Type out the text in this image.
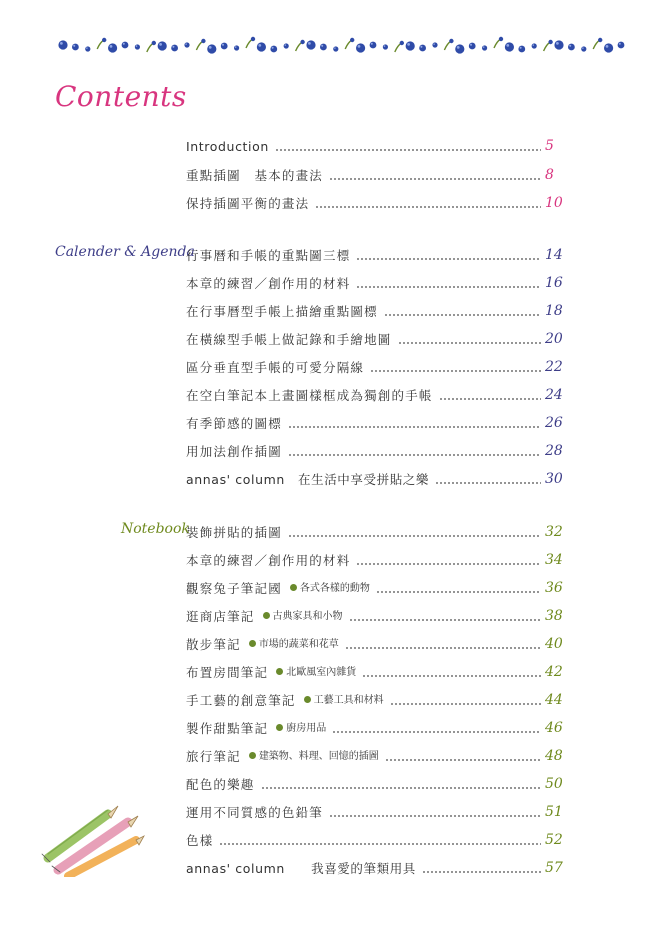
Contents
Introduction	5
重點插圖　基本的畫法	8
保持插圖平衡的畫法	10
Calender & Agenda
行事曆和手帳的重點圖三標	14
本章的練習／創作用的材料	16
在行事曆型手帳上描繪重點圖標	18
在橫線型手帳上做記錄和手繪地圖	20
區分垂直型手帳的可愛分隔線	22
在空白筆記本上畫圖樣框成為獨創的手帳	24
有季節感的圖標	26
用加法創作插圖	28
annas' column　在生活中享受拼貼之樂	30
Notebook
裝飾拼貼的插圖	32
本章的練習／創作用的材料	34
觀察兔子筆記國	各式各樣的動物	36
逛商店筆記	古典家具和小物	38
散步筆記	市場的蔬菜和花草	40
布置房間筆記	北歐風室內雜貨	42
手工藝的創意筆記	工藝工具和材料	44
製作甜點筆記	廚房用品	46
旅行筆記	建築物、料理、回憶的插圖	48
配色的樂趣	50
運用不同質感的色鉛筆	51
色樣	52
annas' column　　我喜愛的筆類用具	57
